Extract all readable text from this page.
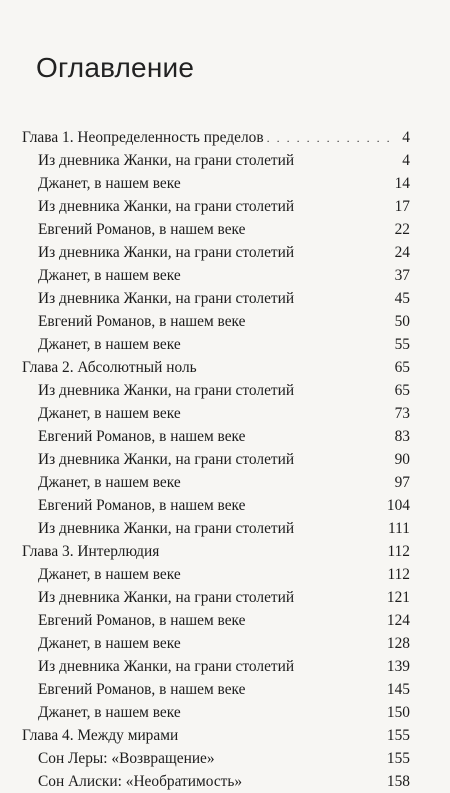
Оглавление
Глава 1. Неопределенность пределов . . .	4
Из дневника Жанки, на грани столетий	4
Джанет, в нашем веке	14
Из дневника Жанки, на грани столетий	17
Евгений Романов, в нашем веке	22
Из дневника Жанки, на грани столетий	24
Джанет, в нашем веке	37
Из дневника Жанки, на грани столетий	45
Евгений Романов, в нашем веке	50
Джанет, в нашем веке	55
Глава 2. Абсолютный ноль	65
Из дневника Жанки, на грани столетий	65
Джанет, в нашем веке	73
Евгений Романов, в нашем веке	83
Из дневника Жанки, на грани столетий	90
Джанет, в нашем веке	97
Евгений Романов, в нашем веке	104
Из дневника Жанки, на грани столетий	111
Глава 3. Интерлюдия	112
Джанет, в нашем веке	112
Из дневника Жанки, на грани столетий	121
Евгений Романов, в нашем веке	124
Джанет, в нашем веке	128
Из дневника Жанки, на грани столетий	139
Евгений Романов, в нашем веке	145
Джанет, в нашем веке	150
Глава 4. Между мирами	155
Сон Леры: «Возвращение»	155
Сон Алиски: «Необратимость»	158
